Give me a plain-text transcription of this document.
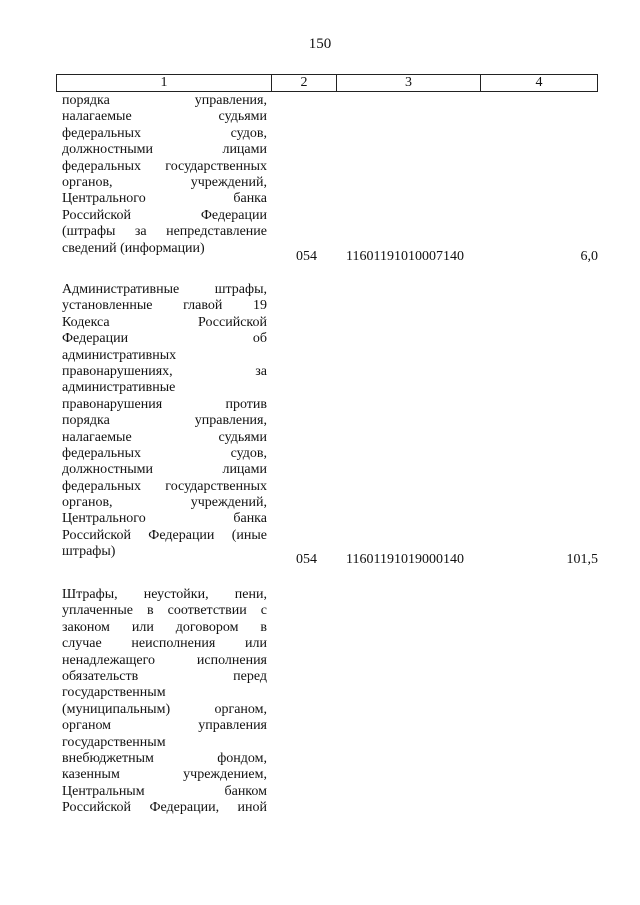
150
1	2	3	4
порядка управления,
налагаемые судьями
федеральных судов,
должностными лицами
федеральных государственных
органов, учреждений,
Центрального банка
Российской Федерации
(штрафы за непредставление
сведений (информации)
054 11601191010007140	6,0
Административные штрафы,
установленные главой 19
Кодекса Российской
Федерации об
административных
правонарушениях, за
административные
правонарушения против
порядка управления,
налагаемые судьями
федеральных судов,
должностными лицами
федеральных государственных
органов, учреждений,
Центрального банка
Российской Федерации (иные
штрафы)
054 11601191019000140	101,5
Штрафы, неустойки, пени,
уплаченные в соответствии с
законом или договором в
случае неисполнения или
ненадлежащего исполнения
обязательств перед
государственным
(муниципальным) органом,
органом управления
государственным
внебюджетным фондом,
казенным учреждением,
Центральным банком
Российской Федерации, иной
